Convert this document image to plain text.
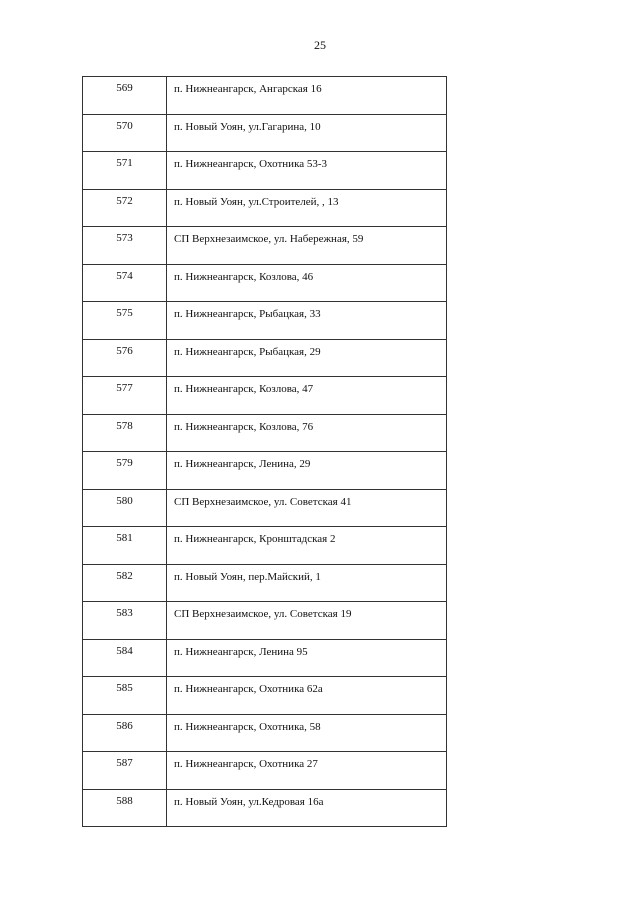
25
569	п. Нижнеангарск, Ангарская 16
570	п. Новый Уоян, ул.Гагарина, 10
571	п. Нижнеангарск, Охотника 53-3
572	п. Новый Уоян, ул.Строителей, , 13
573	СП Верхнезаимское, ул. Набережная, 59
574	п. Нижнеангарск, Козлова, 46
575	п. Нижнеангарск, Рыбацкая, 33
576	п. Нижнеангарск, Рыбацкая, 29
577	п. Нижнеангарск, Козлова, 47
578	п. Нижнеангарск, Козлова, 76
579	п. Нижнеангарск, Ленина, 29
580	СП Верхнезаимское, ул. Советская 41
581	п. Нижнеангарск, Кронштадская 2
582	п. Новый Уоян, пер.Майский, 1
583	СП Верхнезаимское, ул. Советская 19
584	п. Нижнеангарск, Ленина 95
585	п. Нижнеангарск, Охотника 62а
586	п. Нижнеангарск, Охотника, 58
587	п. Нижнеангарск, Охотника 27
588	п. Новый Уоян, ул.Кедровая 16а
